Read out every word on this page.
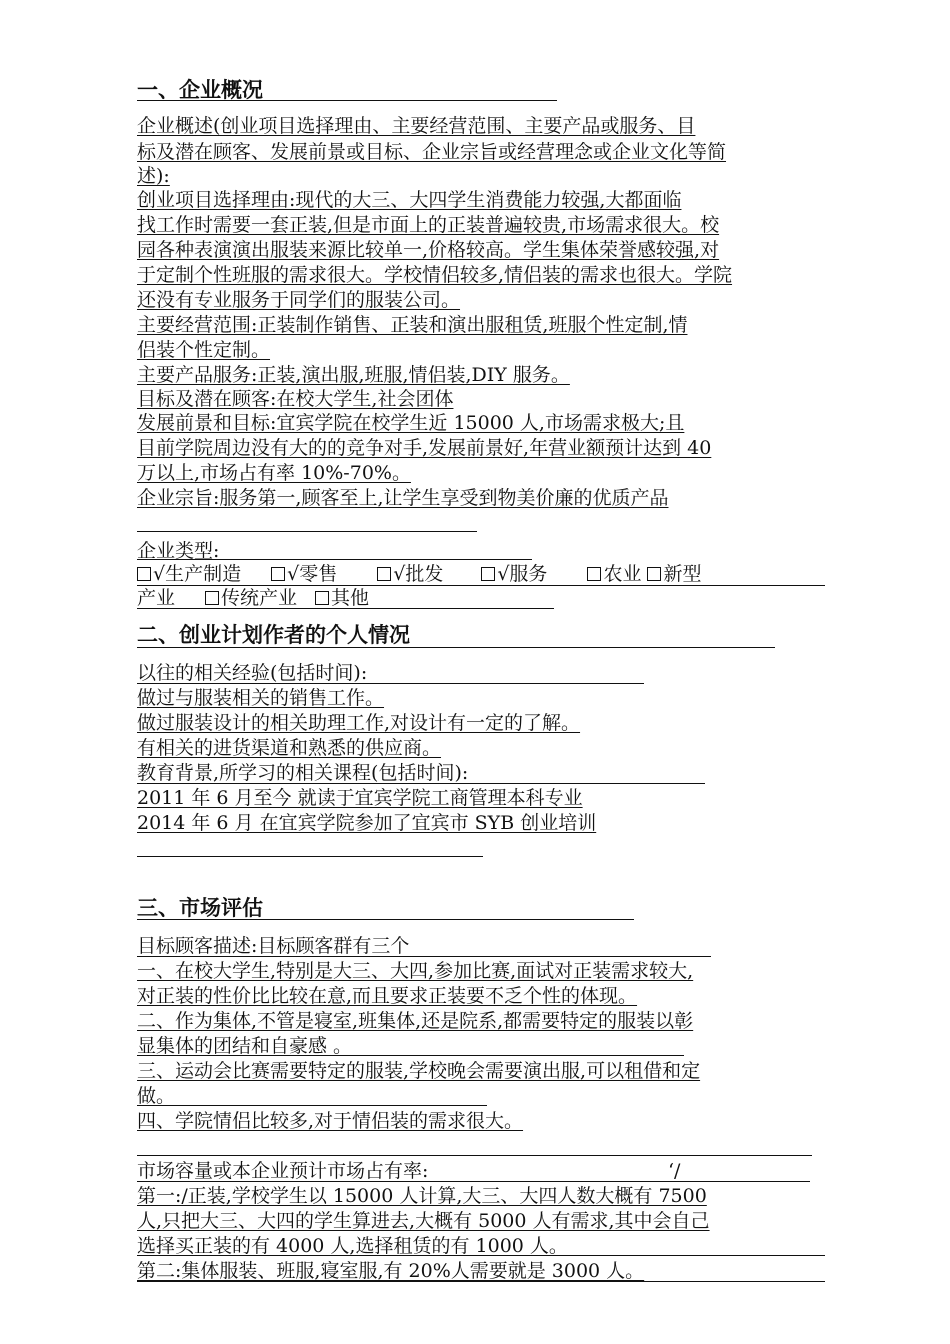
一、企业概况
企业概述(创业项目选择理由、主要经营范围、主要产品或服务、目
标及潜在顾客、发展前景或目标、企业宗旨或经营理念或企业文化等简
述):
创业项目选择理由:现代的大三、大四学生消费能力较强,大都面临
找工作时需要一套正装,但是市面上的正装普遍较贵,市场需求很大。校
园各种表演演出服装来源比较单一,价格较高。学生集体荣誉感较强,对
于定制个性班服的需求很大。学校情侣较多,情侣装的需求也很大。学院
还没有专业服务于同学们的服装公司。
主要经营范围:正装制作销售、正装和演出服租赁,班服个性定制,情
侣装个性定制。
主要产品服务:正装,演出服,班服,情侣装,DIY 服务。
目标及潜在顾客:在校大学生,社会团体
发展前景和目标:宜宾学院在校学生近 15000 人,市场需求极大;且
目前学院周边没有大的的竞争对手,发展前景好,年营业额预计达到 40
万以上,市场占有率 10%-70%。
企业宗旨:服务第一,顾客至上,让学生享受到物美价廉的优质产品
企业类型:
√生产制造 √零售	√批发	√服务	农业 新型
产业 传统产业 其他
二、创业计划作者的个人情况
以往的相关经验(包括时间):
做过与服装相关的销售工作。
做过服装设计的相关助理工作,对设计有一定的了解。
有相关的进货渠道和熟悉的供应商。
教育背景,所学习的相关课程(包括时间):
2011 年 6 月至今 就读于宜宾学院工商管理本科专业
2014 年 6 月 在宜宾学院参加了宜宾市 SYB 创业培训
三、市场评估
目标顾客描述:目标顾客群有三个
一、在校大学生,特别是大三、大四,参加比赛,面试对正装需求较大,
对正装的性价比比较在意,而且要求正装要不乏个性的体现。
二、作为集体,不管是寝室,班集体,还是院系,都需要特定的服装以彰
显集体的团结和自豪感 。
三、运动会比赛需要特定的服装,学校晚会需要演出服,可以租借和定
做。
四、学院情侣比较多,对于情侣装的需求很大。
市场容量或本企业预计市场占有率:	‘/
第一:/正装,学校学生以 15000 人计算,大三、大四人数大概有 7500
人,只把大三、大四的学生算进去,大概有 5000 人有需求,其中会自己
选择买正装的有 4000 人,选择租赁的有 1000 人。
第二:集体服装、班服,寝室服,有 20%人需要就是 3000 人。
